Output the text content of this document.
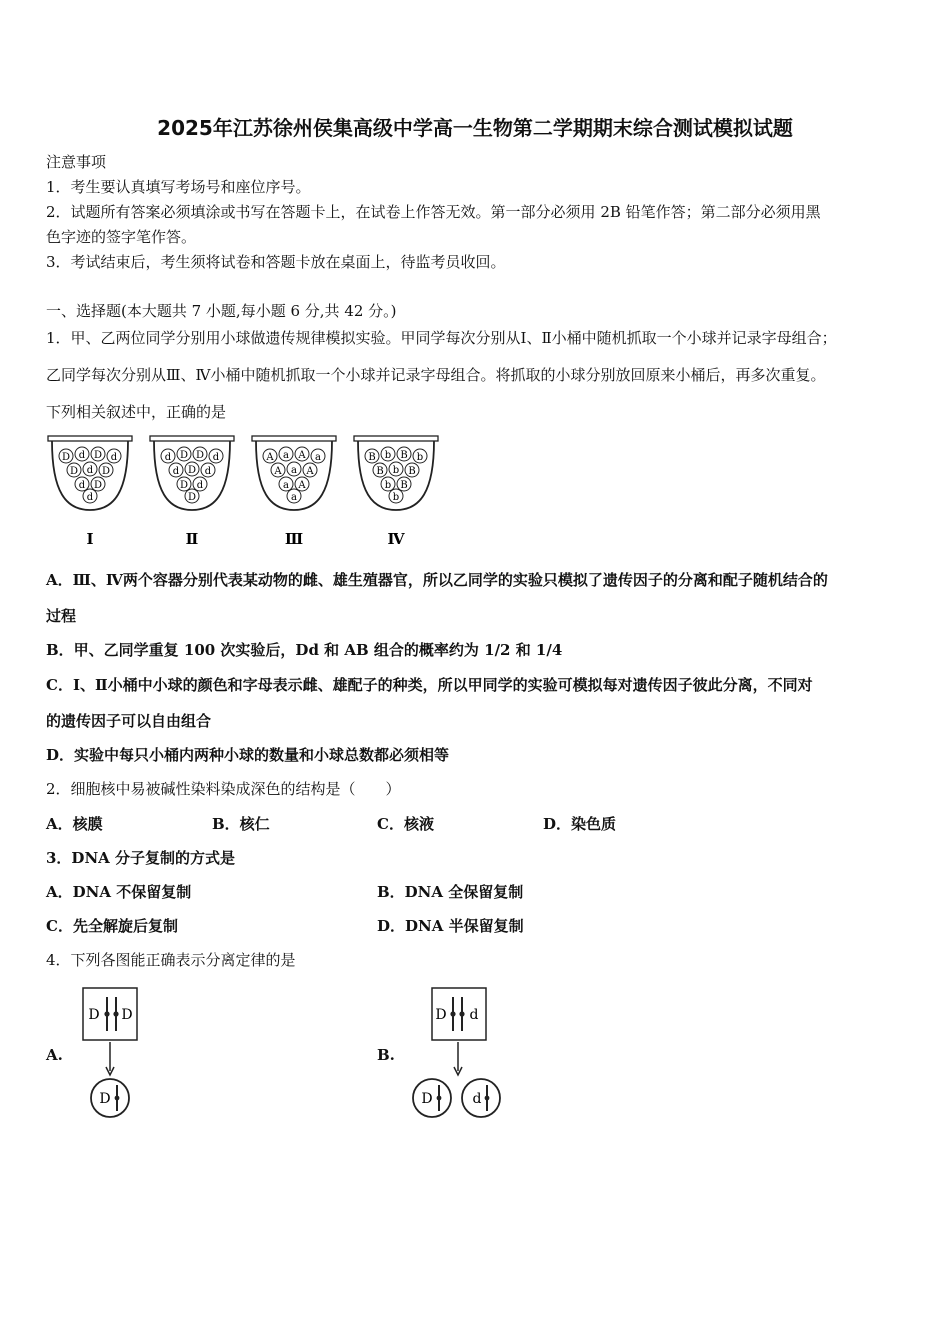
2025年江苏徐州侯集高级中学高一生物第二学期期末综合测试模拟试题
注意事项
1．考生要认真填写考场号和座位序号。
2．试题所有答案必须填涂或书写在答题卡上，在试卷上作答无效。第一部分必须用 2B 铅笔作答；第二部分必须用黑
色字迹的签字笔作答。
3．考试结束后，考生须将试卷和答题卡放在桌面上，待监考员收回。
一、选择题(本大题共 7 小题,每小题 6 分,共 42 分。)
1．甲、乙两位同学分别用小球做遗传规律模拟实验。甲同学每次分别从Ⅰ、Ⅱ小桶中随机抓取一个小球并记录字母组合；
乙同学每次分别从Ⅲ、Ⅳ小桶中随机抓取一个小球并记录字母组合。将抓取的小球分别放回原来小桶后，再多次重复。
下列相关叙述中，正确的是
D d D d
D d D
d D
d
Ⅰ
d D D d
d D d
D d
D
Ⅱ
A a A a
A a A
a A
a
Ⅲ
B b B b
B b B
b B
b
Ⅳ
A．Ⅲ、Ⅳ两个容器分别代表某动物的雌、雄生殖器官，所以乙同学的实验只模拟了遗传因子的分离和配子随机结合的
过程
B．甲、乙同学重复 100 次实验后，Dd 和 AB 组合的概率约为 1/2 和 1/4
C．Ⅰ、Ⅱ小桶中小球的颜色和字母表示雌、雄配子的种类，所以甲同学的实验可模拟每对遗传因子彼此分离，不同对
的遗传因子可以自由组合
D．实验中每只小桶内两种小球的数量和小球总数都必须相等
2．细胞核中易被碱性染料染成深色的结构是（　　）
A．核膜	B．核仁	C．核液	D．染色质
3．DNA 分子复制的方式是
A．DNA 不保留复制	B．DNA 全保留复制
C．先全解旋后复制	D．DNA 半保留复制
4．下列各图能正确表示分离定律的是
A.	B.
D D
D
D d
D	d
